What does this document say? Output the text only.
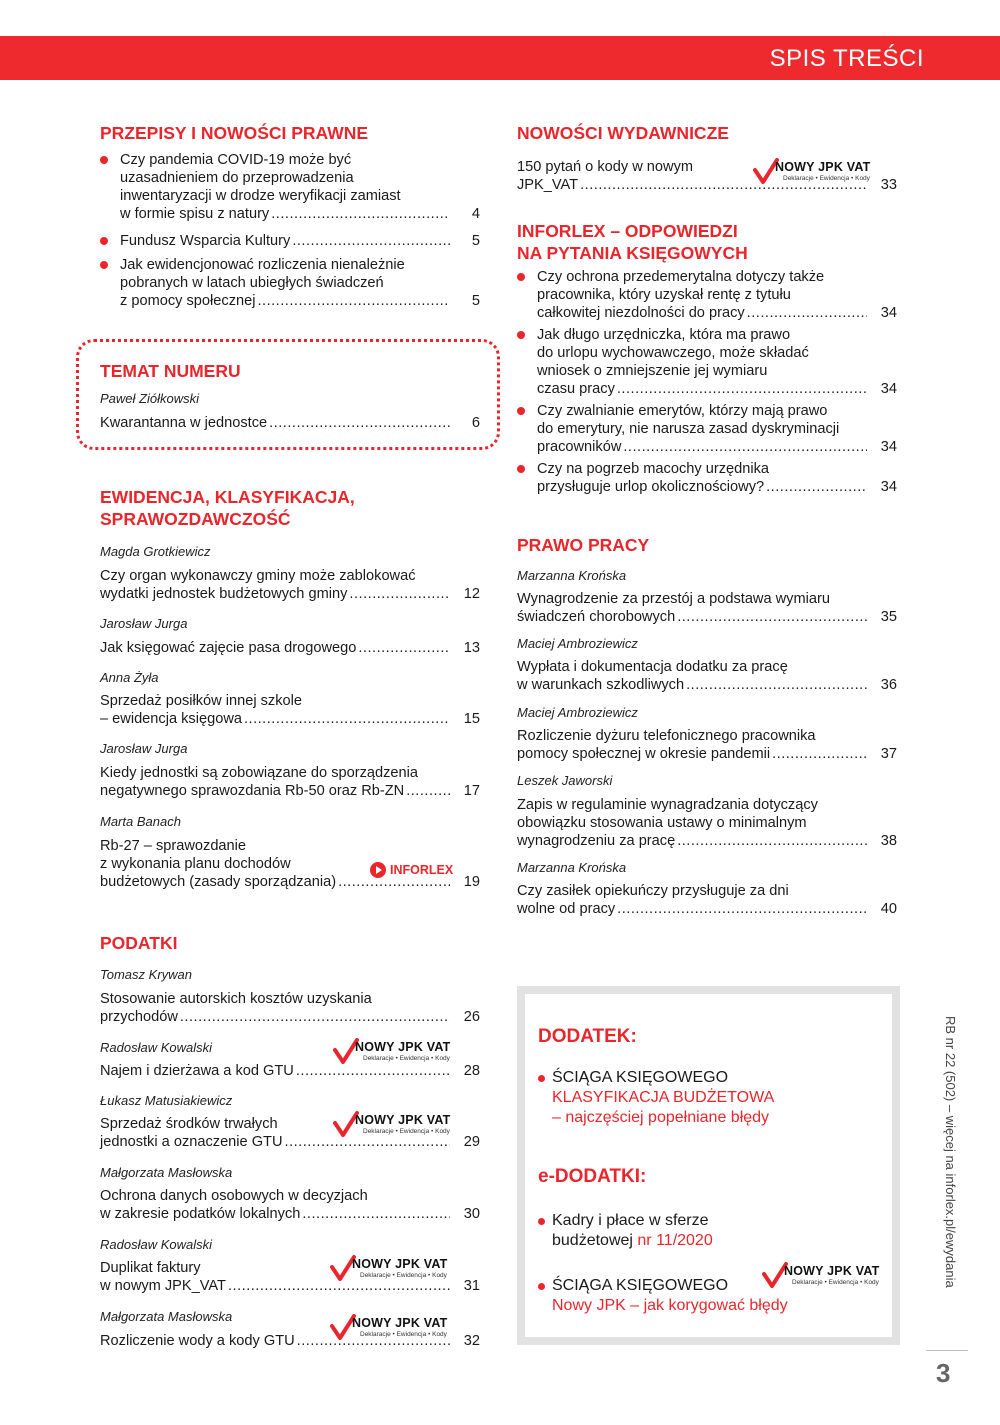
SPIS TREŚCI
PRZEPISY I NOWOŚCI PRAWNE
Czy pandemia COVID-19 może być
uzasadnieniem do przeprowadzenia
inwentaryzacji w drodze weryfikacji zamiast
w formie spisu z natury .....	4
Fundusz Wsparcia Kultury .....	5
Jak ewidencjonować rozliczenia nienależnie
pobranych w latach ubiegłych świadczeń
z pomocy społecznej .....	5
TEMAT NUMERU
Paweł Ziółkowski
Kwarantanna w jednostce .....	6
EWIDENCJA, KLASYFIKACJA,
SPRAWOZDAWCZOŚĆ
Magda Grotkiewicz
Czy organ wykonawczy gminy może zablokować
wydatki jednostek budżetowych gminy .....	12
Jarosław Jurga
Jak księgować zajęcie pasa drogowego .....	13
Anna Żyła
Sprzedaż posiłków innej szkole
– ewidencja księgowa .....	15
Jarosław Jurga
Kiedy jednostki są zobowiązane do sporządzenia
negatywnego sprawozdania Rb-50 oraz Rb-ZN .....	17
Marta Banach
Rb-27 – sprawozdanie
z wykonania planu dochodów
budżetowych (zasady sporządzania) .....	19
INFORLEX
PODATKI
Tomasz Krywan
Stosowanie autorskich kosztów uzyskania
przychodów .....	26
Radosław Kowalski
Najem i dzierżawa a kod GTU .....	28
Łukasz Matusiakiewicz
Sprzedaż środków trwałych
jednostki a oznaczenie GTU .....	29
Małgorzata Masłowska
Ochrona danych osobowych w decyzjach
w zakresie podatków lokalnych .....	30
Radosław Kowalski
Duplikat faktury
w nowym JPK_VAT .....	31
Małgorzata Masłowska
Rozliczenie wody a kody GTU .....	32
NOWY JPK VAT
Deklaracje • Ewidencja • Kody
NOWY JPK VAT
Deklaracje • Ewidencja • Kody
NOWY JPK VAT
Deklaracje • Ewidencja • Kody
NOWY JPK VAT
Deklaracje • Ewidencja • Kody
NOWOŚCI WYDAWNICZE
150 pytań o kody w nowym
JPK_VAT .....	33
NOWY JPK VAT
Deklaracje • Ewidencja • Kody
INFORLEX – ODPOWIEDZI
NA PYTANIA KSIĘGOWYCH
Czy ochrona przedemerytalna dotyczy także
pracownika, który uzyskał rentę z tytułu
całkowitej niezdolności do pracy .....	34
Jak długo urzędniczka, która ma prawo
do urlopu wychowawczego, może składać
wniosek o zmniejszenie jej wymiaru
czasu pracy .....	34
Czy zwalnianie emerytów, którzy mają prawo
do emerytury, nie narusza zasad dyskryminacji
pracowników .....	34
Czy na pogrzeb macochy urzędnika
przysługuje urlop okolicznościowy? .....	34
PRAWO PRACY
Marzanna Krońska
Wynagrodzenie za przestój a podstawa wymiaru
świadczeń chorobowych .....	35
Maciej Ambroziewicz
Wypłata i dokumentacja dodatku za pracę
w warunkach szkodliwych .....	36
Maciej Ambroziewicz
Rozliczenie dyżuru telefonicznego pracownika
pomocy społecznej w okresie pandemii .....	37
Leszek Jaworski
Zapis w regulaminie wynagradzania dotyczący
obowiązku stosowania ustawy o minimalnym
wynagrodzeniu za pracę .....	38
Marzanna Krońska
Czy zasiłek opiekuńczy przysługuje za dni
wolne od pracy .....	40
DODATEK:
ŚCIĄGA KSIĘGOWEGO
KLASYFIKACJA BUDŻETOWA
– najczęściej popełniane błędy
e-DODATKI:
Kadry i płace w sferze
budżetowej nr 11/2020
ŚCIĄGA KSIĘGOWEGO
Nowy JPK – jak korygować błędy
NOWY JPK VAT
Deklaracje • Ewidencja • Kody	RB nr 22 (502) – więcej na inforlex.pl/ewydania
3
